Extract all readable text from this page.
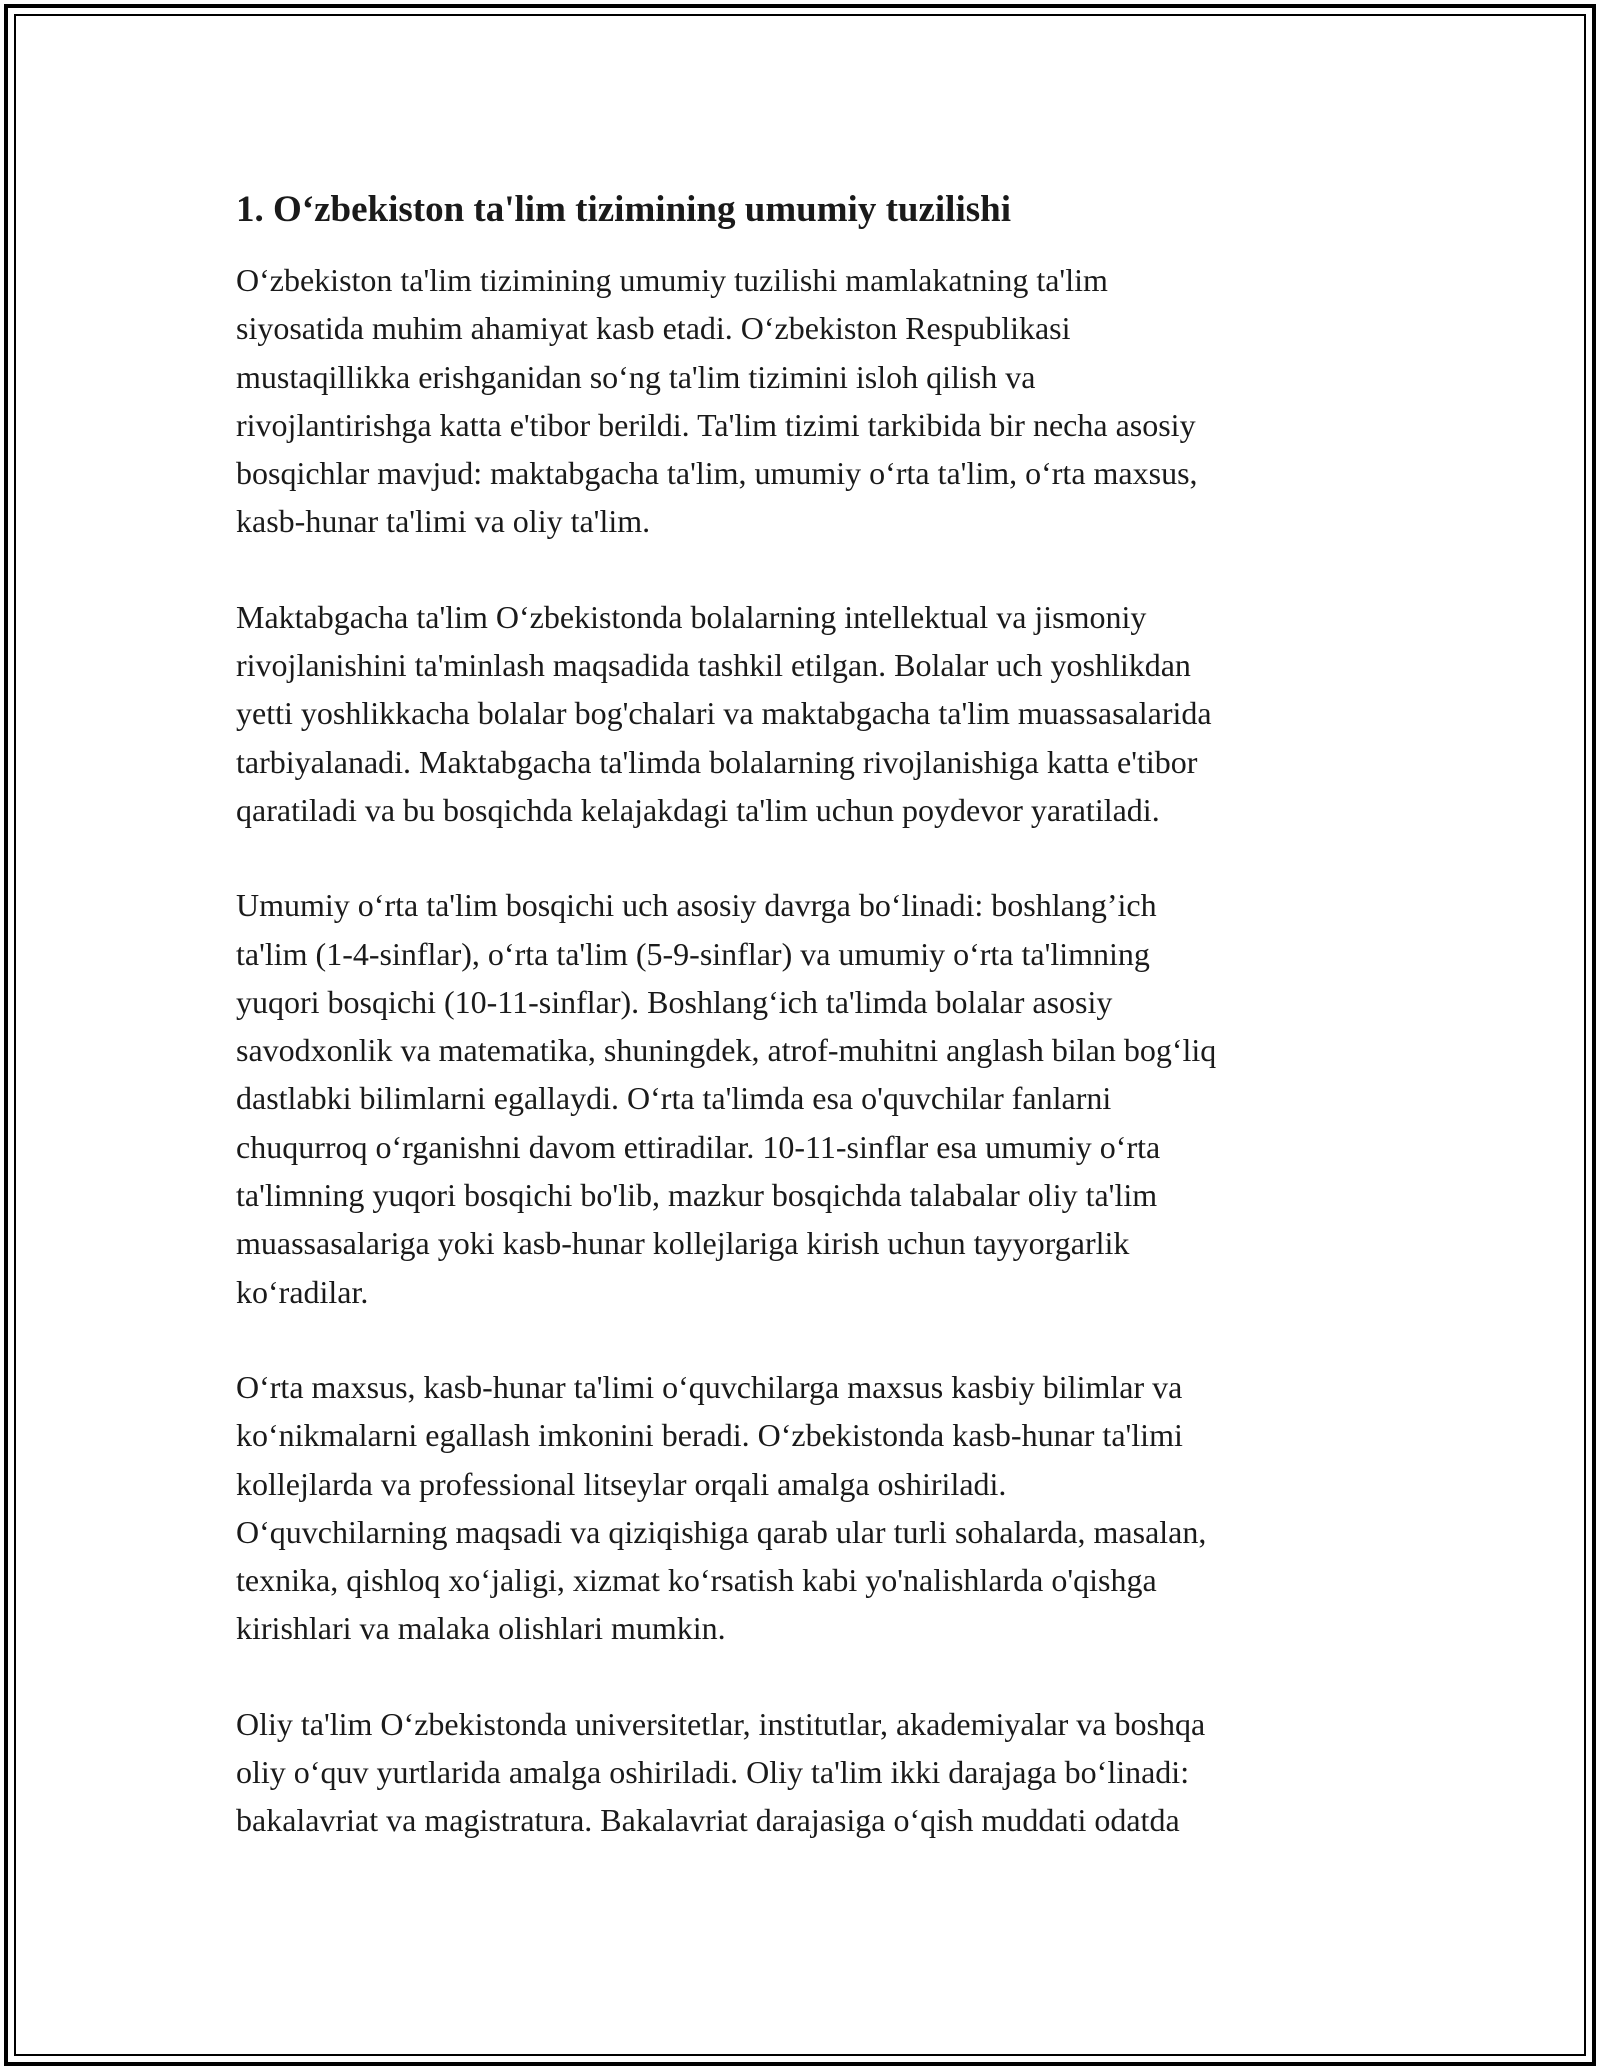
1. O‘zbekiston ta'lim tizimining umumiy tuzilishi
O‘zbekiston ta'lim tizimining umumiy tuzilishi mamlakatning ta'lim
siyosatida muhim ahamiyat kasb etadi. O‘zbekiston Respublikasi
mustaqillikka erishganidan so‘ng ta'lim tizimini isloh qilish va
rivojlantirishga katta e'tibor berildi. Ta'lim tizimi tarkibida bir necha asosiy
bosqichlar mavjud: maktabgacha ta'lim, umumiy o‘rta ta'lim, o‘rta maxsus,
kasb-hunar ta'limi va oliy ta'lim.
Maktabgacha ta'lim O‘zbekistonda bolalarning intellektual va jismoniy
rivojlanishini ta'minlash maqsadida tashkil etilgan. Bolalar uch yoshlikdan
yetti yoshlikkacha bolalar bog'chalari va maktabgacha ta'lim muassasalarida
tarbiyalanadi. Maktabgacha ta'limda bolalarning rivojlanishiga katta e'tibor
qaratiladi va bu bosqichda kelajakdagi ta'lim uchun poydevor yaratiladi.
Umumiy o‘rta ta'lim bosqichi uch asosiy davrga bo‘linadi: boshlang’ich
ta'lim (1-4-sinflar), o‘rta ta'lim (5-9-sinflar) va umumiy o‘rta ta'limning
yuqori bosqichi (10-11-sinflar). Boshlang‘ich ta'limda bolalar asosiy
savodxonlik va matematika, shuningdek, atrof-muhitni anglash bilan bog‘liq
dastlabki bilimlarni egallaydi. O‘rta ta'limda esa o'quvchilar fanlarni
chuqurroq o‘rganishni davom ettiradilar. 10-11-sinflar esa umumiy o‘rta
ta'limning yuqori bosqichi bo'lib, mazkur bosqichda talabalar oliy ta'lim
muassasalariga yoki kasb-hunar kollejlariga kirish uchun tayyorgarlik
ko‘radilar.
O‘rta maxsus, kasb-hunar ta'limi o‘quvchilarga maxsus kasbiy bilimlar va
ko‘nikmalarni egallash imkonini beradi. O‘zbekistonda kasb-hunar ta'limi
kollejlarda va professional litseylar orqali amalga oshiriladi.
O‘quvchilarning maqsadi va qiziqishiga qarab ular turli sohalarda, masalan,
texnika, qishloq xo‘jaligi, xizmat ko‘rsatish kabi yo'nalishlarda o'qishga
kirishlari va malaka olishlari mumkin.
Oliy ta'lim O‘zbekistonda universitetlar, institutlar, akademiyalar va boshqa
oliy o‘quv yurtlarida amalga oshiriladi. Oliy ta'lim ikki darajaga bo‘linadi:
bakalavriat va magistratura. Bakalavriat darajasiga o‘qish muddati odatda
